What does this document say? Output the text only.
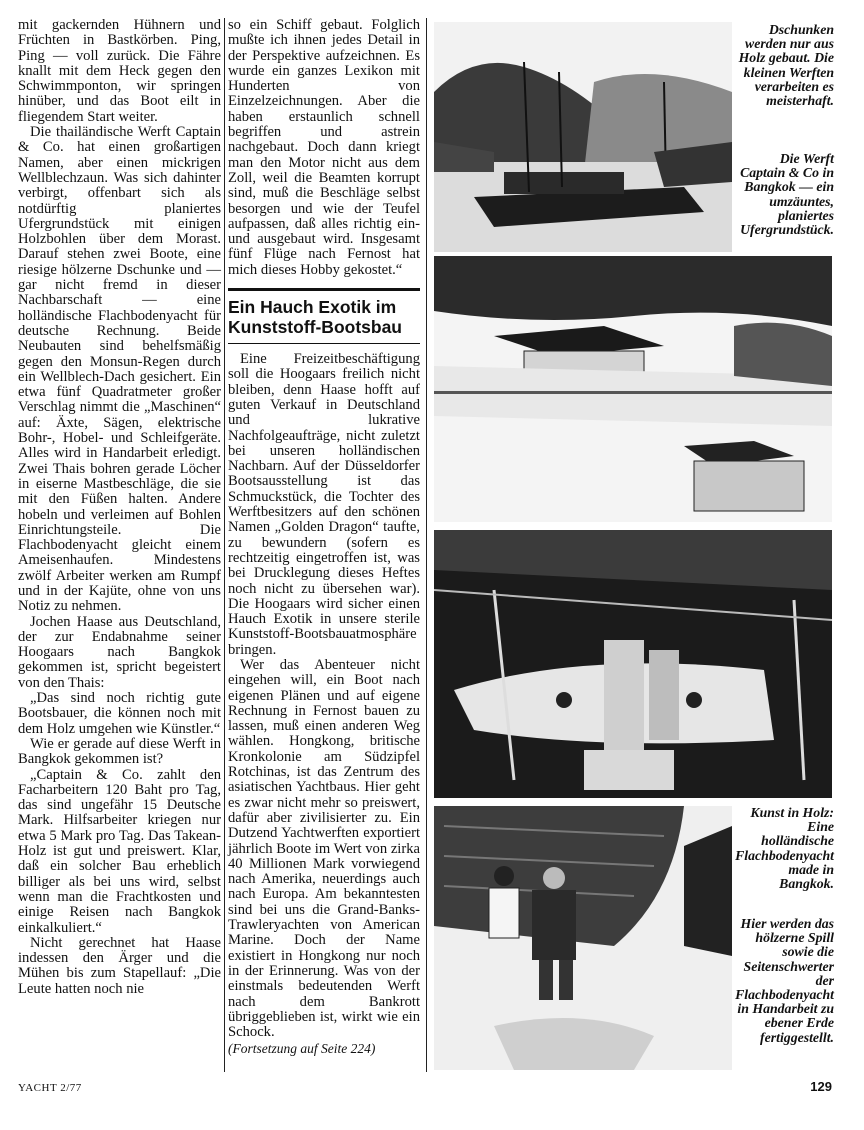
mit gackernden Hühnern und Früchten in Bastkörben. Ping, Ping — voll zurück. Die Fähre knallt mit dem Heck gegen den Schwimmponton, wir springen hinüber, und das Boot eilt in fliegendem Start weiter.

Die thailändische Werft Captain & Co. hat einen großartigen Namen, aber einen mickrigen Wellblechzaun. Was sich dahinter verbirgt, offenbart sich als notdürftig planiertes Ufergrundstück mit einigen Holzbohlen über dem Morast. Darauf stehen zwei Boote, eine riesige hölzerne Dschunke und — gar nicht fremd in dieser Nachbarschaft — eine holländische Flachbodenyacht für deutsche Rechnung. Beide Neubauten sind behelfsmäßig gegen den Monsun-Regen durch ein Wellblech-Dach gesichert. Ein etwa fünf Quadratmeter großer Verschlag nimmt die „Maschinen“ auf: Äxte, Sägen, elektrische Bohr-, Hobel- und Schleifgeräte. Alles wird in Handarbeit erledigt. Zwei Thais bohren gerade Löcher in eiserne Mastbeschläge, die sie mit den Füßen halten. Andere hobeln und verleimen auf Bohlen Einrichtungsteile. Die Flachbodenyacht gleicht einem Ameisenhaufen. Mindestens zwölf Arbeiter werken am Rumpf und in der Kajüte, ohne von uns Notiz zu nehmen.

Jochen Haase aus Deutschland, der zur Endabnahme seiner Hoogaars nach Bangkok gekommen ist, spricht begeistert von den Thais:

„Das sind noch richtig gute Bootsbauer, die können noch mit dem Holz umgehen wie Künstler.“

Wie er gerade auf diese Werft in Bangkok gekommen ist?

„Captain & Co. zahlt den Facharbeitern 120 Baht pro Tag, das sind ungefähr 15 Deutsche Mark. Hilfsarbeiter kriegen nur etwa 5 Mark pro Tag. Das Takean-Holz ist gut und preiswert. Klar, daß ein solcher Bau erheblich billiger als bei uns wird, selbst wenn man die Frachtkosten und einige Reisen nach Bangkok einkalkuliert.“

Nicht gerechnet hat Haase indessen den Ärger und die Mühen bis zum Stapellauf: „Die Leute hatten noch nie

so ein Schiff gebaut. Folglich mußte ich ihnen jedes Detail in der Perspektive aufzeichnen. Es wurde ein ganzes Lexikon mit Hunderten von Einzelzeichnungen. Aber die haben erstaunlich schnell begriffen und astrein nachgebaut. Doch dann kriegt man den Motor nicht aus dem Zoll, weil die Beamten korrupt sind, muß die Beschläge selbst besorgen und wie der Teufel aufpassen, daß alles richtig ein- und ausgebaut wird. Insgesamt fünf Flüge nach Fernost hat mich dieses Hobby gekostet.“

Ein Hauch Exotik im Kunststoff-Bootsbau

Eine Freizeitbeschäftigung soll die Hoogaars freilich nicht bleiben, denn Haase hofft auf guten Verkauf in Deutschland und lukrative Nachfolgeaufträge, nicht zuletzt bei unseren holländischen Nachbarn. Auf der Düsseldorfer Bootsausstellung ist das Schmuckstück, die Tochter des Werftbesitzers auf den schönen Namen „Golden Dragon“ taufte, zu bewundern (sofern es rechtzeitig eingetroffen ist, was bei Drucklegung dieses Heftes noch nicht zu übersehen war). Die Hoogaars wird sicher einen Hauch Exotik in unsere sterile Kunststoff-Bootsbauatmosphäre bringen.

Wer das Abenteuer nicht eingehen will, ein Boot nach eigenen Plänen und auf eigene Rechnung in Fernost bauen zu lassen, muß einen anderen Weg wählen. Hongkong, britische Kronkolonie am Südzipfel Rotchinas, ist das Zentrum des asiatischen Yachtbaus. Hier geht es zwar nicht mehr so preiswert, dafür aber zivilisierter zu. Ein Dutzend Yachtwerften exportiert jährlich Boote im Wert von zirka 40 Millionen Mark vorwiegend nach Amerika, neuerdings auch nach Europa. Am bekanntesten sind bei uns die Grand-Banks-Trawleryachten von American Marine. Doch der Name existiert in Hongkong nur noch in der Erinnerung. Was von der einstmals bedeutenden Werft nach dem Bankrott übriggeblieben ist, wirkt wie ein Schock.

(Fortsetzung auf Seite 224)

Dschunken werden nur aus Holz gebaut. Die kleinen Werften verarbeiten es meisterhaft.
Die Werft Captain & Co in Bangkok — ein umzäuntes, planiertes Ufergrundstück.
Kunst in Holz: Eine holländische Flachbodenyacht made in Bangkok.
Hier werden das hölzerne Spill sowie die Seitenschwerter der Flachbodenyacht in Handarbeit zu ebener Erde fertiggestellt.
YACHT 2/77	129
